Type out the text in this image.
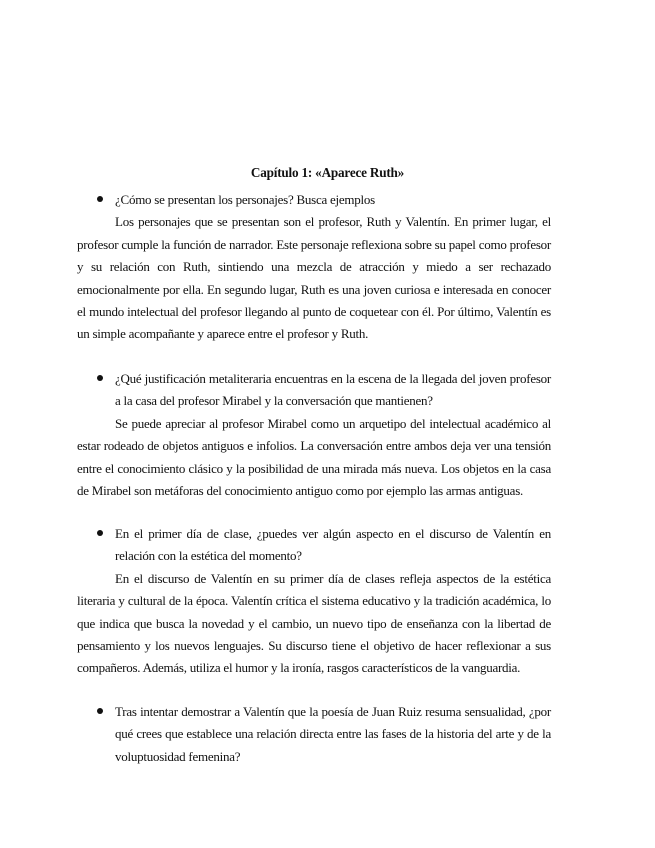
Capítulo 1: «Aparece Ruth»
¿Cómo se presentan los personajes? Busca ejemplos

Los personajes que se presentan son el profesor, Ruth y Valentín. En primer lugar, el profesor cumple la función de narrador. Este personaje reflexiona sobre su papel como profesor y su relación con Ruth, sintiendo una mezcla de atracción y miedo a ser rechazado emocionalmente por ella. En segundo lugar, Ruth es una joven curiosa e interesada en conocer el mundo intelectual del profesor llegando al punto de coquetear con él. Por último, Valentín es un simple acompañante y aparece entre el profesor y Ruth.

¿Qué justificación metaliteraria encuentras en la escena de la llegada del joven profesor a la casa del profesor Mirabel y la conversación que mantienen?

Se puede apreciar al profesor Mirabel como un arquetipo del intelectual académico al estar rodeado de objetos antiguos e infolios. La conversación entre ambos deja ver una tensión entre el conocimiento clásico y la posibilidad de una mirada más nueva. Los objetos en la casa de Mirabel son metáforas del conocimiento antiguo como por ejemplo las armas antiguas.

En el primer día de clase, ¿puedes ver algún aspecto en el discurso de Valentín en relación con la estética del momento?

En el discurso de Valentín en su primer día de clases refleja aspectos de la estética literaria y cultural de la época. Valentín crítica el sistema educativo y la tradición académica, lo que indica que busca la novedad y el cambio, un nuevo tipo de enseñanza con la libertad de pensamiento y los nuevos lenguajes. Su discurso tiene el objetivo de hacer reflexionar a sus compañeros. Además, utiliza el humor y la ironía, rasgos característicos de la vanguardia.

Tras intentar demostrar a Valentín que la poesía de Juan Ruiz resuma sensualidad, ¿por qué crees que establece una relación directa entre las fases de la historia del arte y de la voluptuosidad femenina?
